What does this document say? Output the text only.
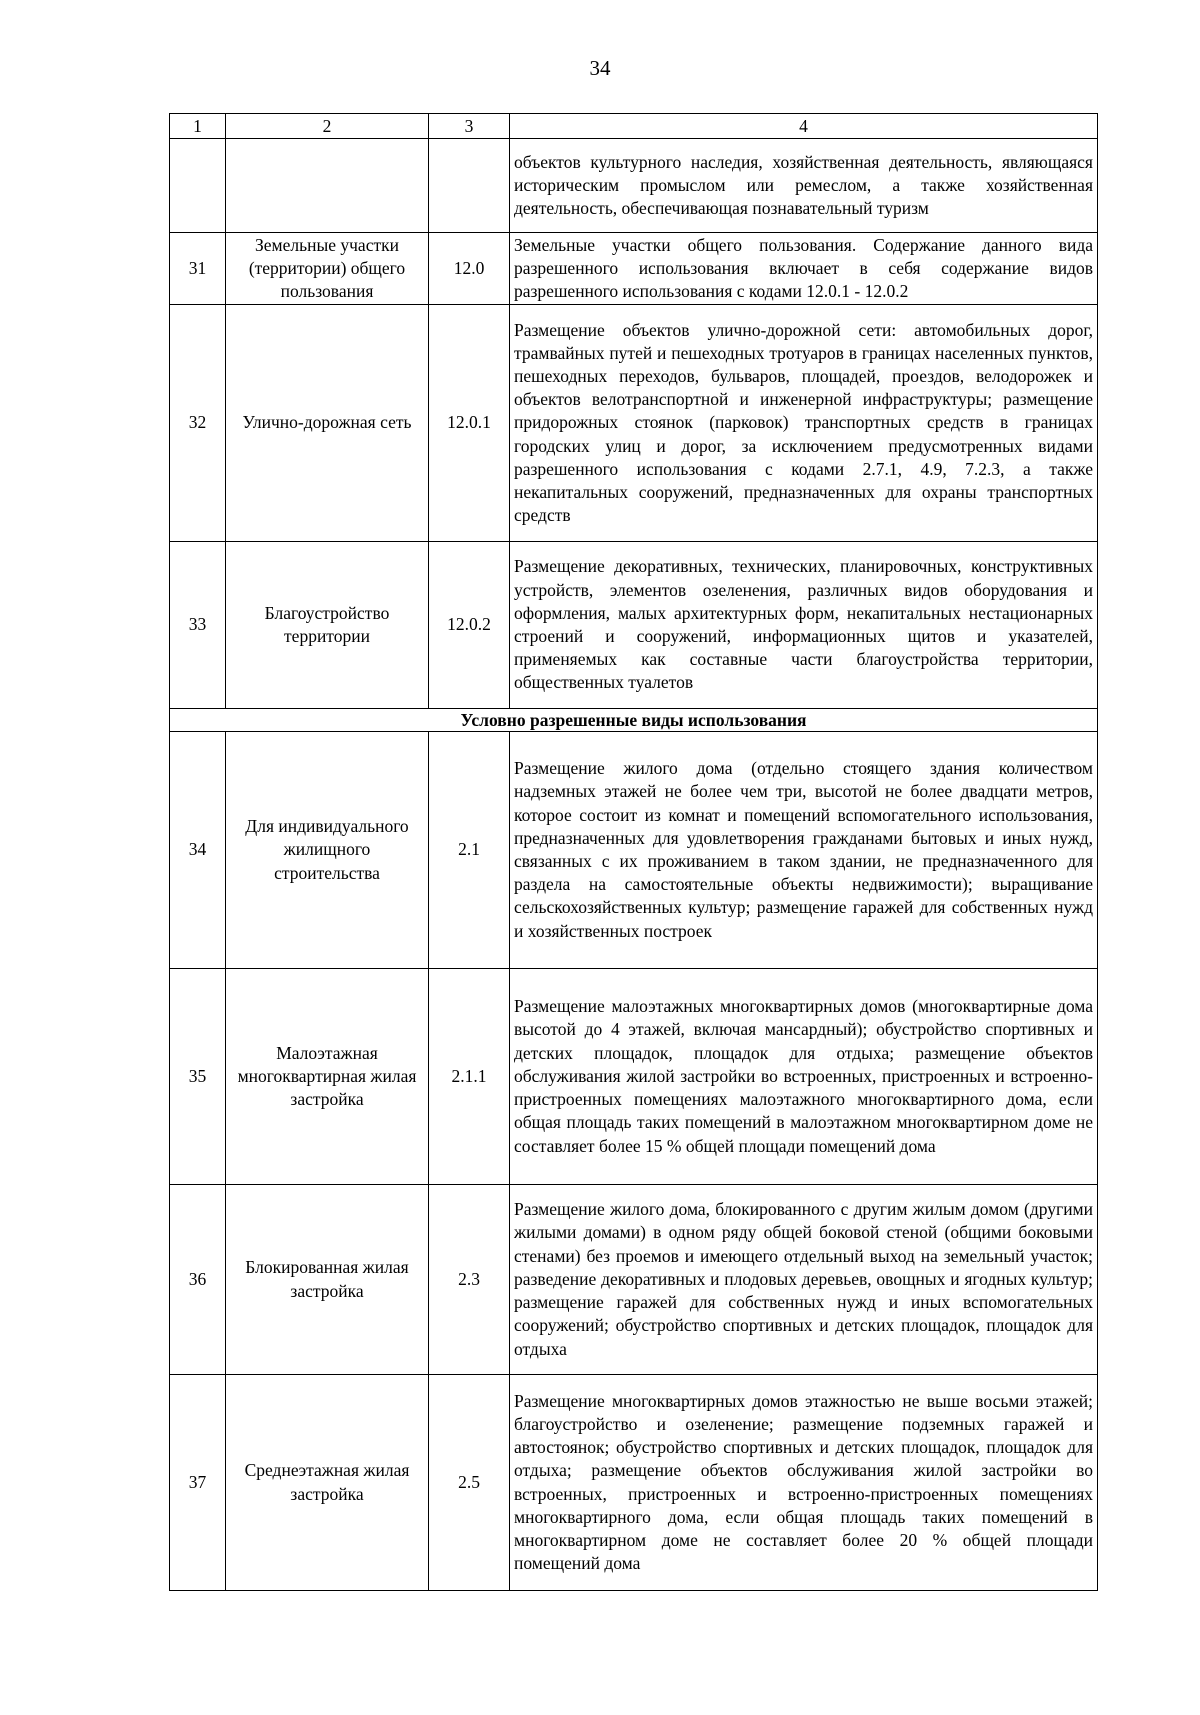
34
1	2	3	4
			объектов культурного наследия, хозяйственная деятельность, являющаяся историческим промыслом или ремеслом, а также хозяйственная деятельность, обеспечивающая познавательный туризм
31	Земельные участки (территории) общего пользования	12.0	Земельные участки общего пользования. Содержание данного вида разрешенного использования включает в себя содержание видов разрешенного использования с кодами 12.0.1 - 12.0.2
32	Улично-дорожная сеть	12.0.1	Размещение объектов улично-дорожной сети: автомобильных дорог, трамвайных путей и пешеходных тротуаров в границах населенных пунктов, пешеходных переходов, бульваров, площадей, проездов, велодорожек и объектов велотранспортной и инженерной инфраструктуры; размещение придорожных стоянок (парковок) транспортных средств в границах городских улиц и дорог, за исключением предусмотренных видами разрешенного использования с кодами 2.7.1, 4.9, 7.2.3, а также некапитальных сооружений, предназначенных для охраны транспортных средств
33	Благоустройство территории	12.0.2	Размещение декоративных, технических, планировочных, конструктивных устройств, элементов озеленения, различных видов оборудования и оформления, малых архитектурных форм, некапитальных нестационарных строений и сооружений, информационных щитов и указателей, применяемых как составные части благоустройства территории, общественных туалетов
Условно разрешенные виды использования			
34	Для индивидуального жилищного строительства	2.1	Размещение жилого дома (отдельно стоящего здания количеством надземных этажей не более чем три, высотой не более двадцати метров, которое состоит из комнат и помещений вспомогательного использования, предназначенных для удовлетворения гражданами бытовых и иных нужд, связанных с их проживанием в таком здании, не предназначенного для раздела на самостоятельные объекты недвижимости); выращивание сельскохозяйственных культур; размещение гаражей для собственных нужд и хозяйственных построек
35	Малоэтажная многоквартирная жилая застройка	2.1.1	Размещение малоэтажных многоквартирных домов (многоквартирные дома высотой до 4 этажей, включая мансардный); обустройство спортивных и детских площадок, площадок для отдыха; размещение объектов обслуживания жилой застройки во встроенных, пристроенных и встроенно-пристроенных помещениях малоэтажного многоквартирного дома, если общая площадь таких помещений в малоэтажном многоквартирном доме не составляет более 15 % общей площади помещений дома
36	Блокированная жилая застройка	2.3	Размещение жилого дома, блокированного с другим жилым домом (другими жилыми домами) в одном ряду общей боковой стеной (общими боковыми стенами) без проемов и имеющего отдельный выход на земельный участок; разведение декоративных и плодовых деревьев, овощных и ягодных культур; размещение гаражей для собственных нужд и иных вспомогательных сооружений; обустройство спортивных и детских площадок, площадок для отдыха
37	Среднеэтажная жилая застройка	2.5	Размещение многоквартирных домов этажностью не выше восьми этажей; благоустройство и озеленение; размещение подземных гаражей и автостоянок; обустройство спортивных и детских площадок, площадок для отдыха; размещение объектов обслуживания жилой застройки во встроенных, пристроенных и встроенно-пристроенных помещениях многоквартирного дома, если общая площадь таких помещений в многоквартирном доме не составляет более 20 % общей площади помещений дома
